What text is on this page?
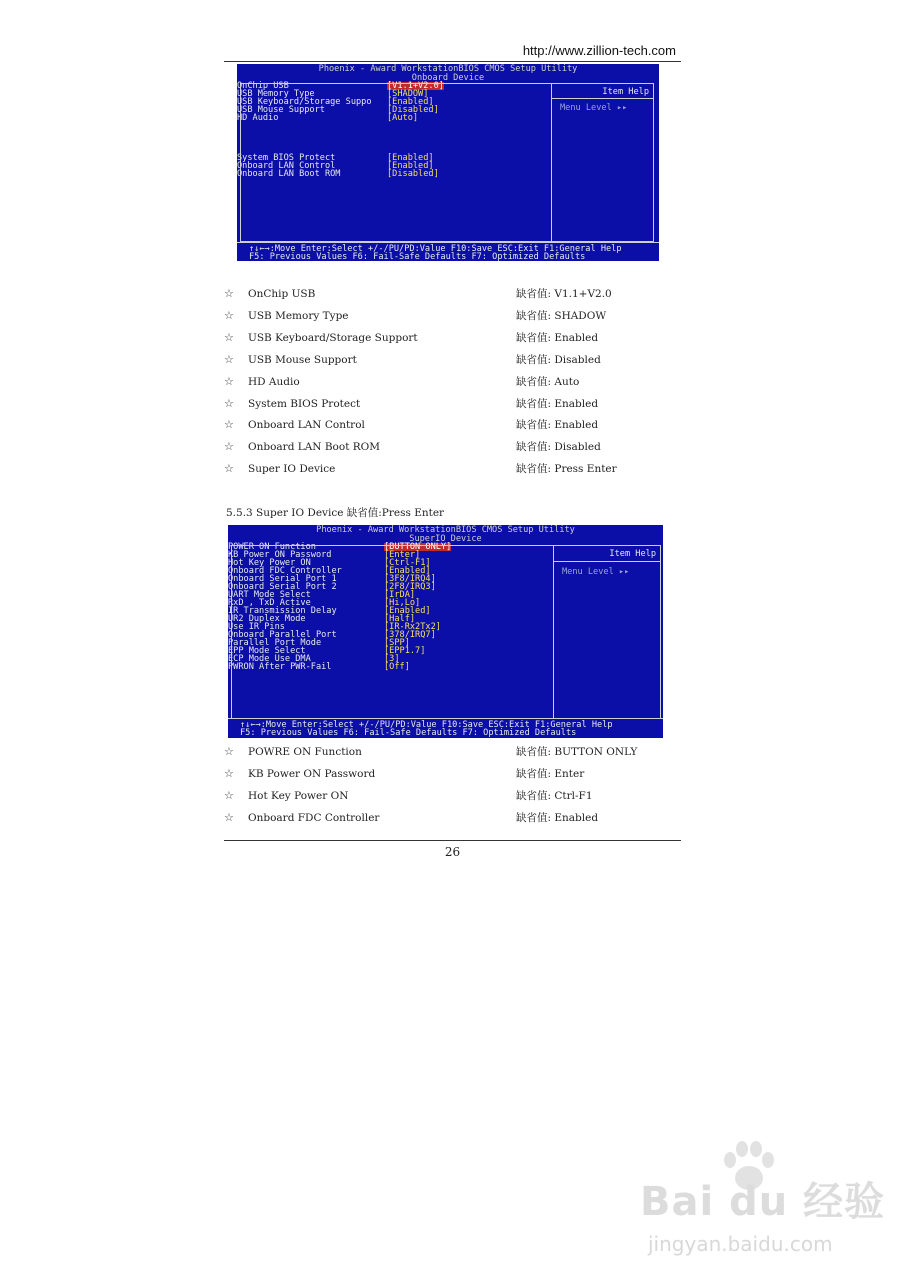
http://www.zillion-tech.com
Phoenix - Award WorkstationBIOS CMOS Setup Utility
Onboard Device
Item Help
Menu Level ▸▸
↑↓←→:Move Enter:Select +/-/PU/PD:Value F10:Save ESC:Exit F1:General Help
F5: Previous Values F6: Fail-Safe Defaults F7: Optimized Defaults
OnChip USB	[V1.1+V2.0]
USB Memory Type	[SHADOW]
USB Keyboard/Storage Suppo	[Enabled]
USB Mouse Support	[Disabled]
HD Audio	[Auto]
System BIOS Protect	[Enabled]
Onboard LAN Control	[Enabled]
Onboard LAN Boot ROM	[Disabled]
☆ OnChip USB	缺省值: V1.1+V2.0
☆ USB Memory Type	缺省值: SHADOW
☆ USB Keyboard/Storage Support	缺省值: Enabled
☆ USB Mouse Support	缺省值: Disabled
☆ HD Audio	缺省值: Auto
☆ System BIOS Protect	缺省值: Enabled
☆ Onboard LAN Control	缺省值: Enabled
☆ Onboard LAN Boot ROM	缺省值: Disabled
☆ Super IO Device	缺省值: Press Enter
5.5.3 Super IO Device 缺省值:Press Enter
Phoenix - Award WorkstationBIOS CMOS Setup Utility
SuperIO Device
Item Help
Menu Level ▸▸
↑↓←→:Move Enter:Select +/-/PU/PD:Value F10:Save ESC:Exit F1:General Help
F5: Previous Values F6: Fail-Safe Defaults F7: Optimized Defaults
POWER ON Function	[BUTTON ONLY]
KB Power ON Password	[Enter]
Hot Key Power ON	[Ctrl-F1]
Onboard FDC Controller	[Enabled]
Onboard Serial Port 1	[3F8/IRQ4]
Onboard Serial Port 2	[2F8/IRQ3]
UART Mode Select	[IrDA]
RxD , TxD Active	[Hi,Lo]
IR Transmission Delay	[Enabled]
UR2 Duplex Mode	[Half]
Use IR Pins	[IR-Rx2Tx2]
Onboard Parallel Port	[378/IRQ7]
Parallel Port Mode	[SPP]
EPP Mode Select	[EPP1.7]
ECP Mode Use DMA	[3]
PWRON After PWR-Fail	[Off]
☆ POWRE ON Function	缺省值: BUTTON ONLY
☆ KB Power ON Password	缺省值: Enter
☆ Hot Key Power ON	缺省值: Ctrl-F1
☆ Onboard FDC Controller	缺省值: Enabled
26
Bai du 经验
jingyan.baidu.com
